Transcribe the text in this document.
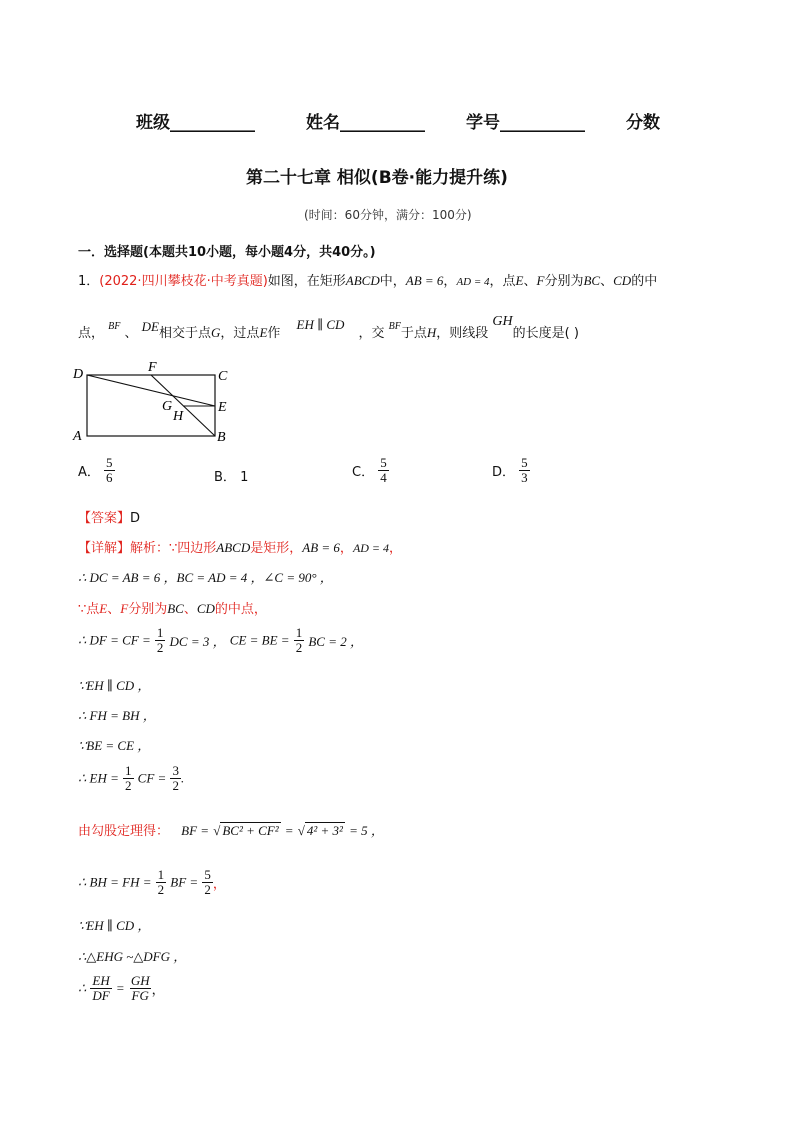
班级__________	姓名__________ 学号__________ 分数
第二十七章 相似(B卷·能力提升练)
(时间：60分钟，满分：100分)
一．选择题(本题共10小题，每小题4分，共40分。)
1．(2022·四川攀枝花·中考真题)如图，在矩形ABCD中，AB = 6，AD = 4，点E、F分别为BC、CD的中
点， $^{BF}$ 、 DE相交于点G，过点E作 EH ∥ CD，交 $^{BF}$于点H，则线段 GH的长度是( )
D	F
C
G	E
H
A	B
A． $\frac{5}{6}$	B． 1	C． $\frac{5}{4}$	D． $\frac{5}{3}$
【答案】D
【详解】解析：∵四边形ABCD是矩形，AB = 6，AD = 4，
∴ DC = AB = 6 ，BC = AD = 4 ，∠C = 90° ，
∵点E、F分别为BC、CD的中点，
∴ DF = CF = $\frac{1}{2}$ DC = 3 ， CE = BE = $\frac{1}{2}$ BC = 2 ，
∵EH ∥ CD ，
∴ FH = BH ，
∵BE = CE ，
∴ EH = $\frac{1}{2}$ CF = $\frac{3}{2}$ .
由勾股定理得： BF = √ BC² + CF² = √ 4² + 3² = 5 ，
∴ BH = FH = $\frac{1}{2}$ BF = $\frac{5}{2}$ ，
∵EH ∥ CD ，
∴△EHG ~△DFG ，
∴ $\frac{EH}{DF} = \frac{GH}{FG}$ ，
